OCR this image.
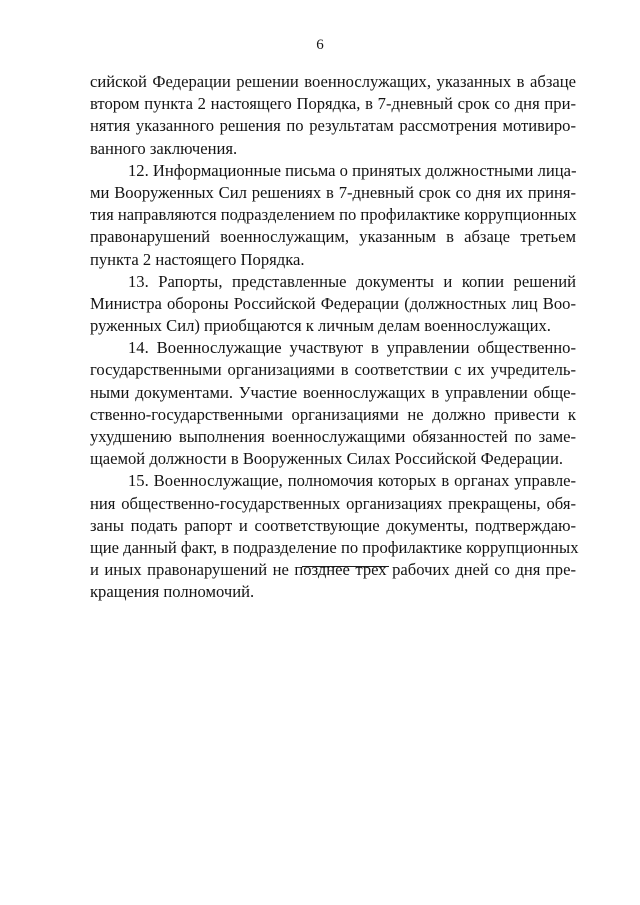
6
сийской Федерации решении военнослужащих, указанных в абзаце
втором пункта 2 настоящего Порядка, в 7-дневный срок со дня при-
нятия указанного решения по результатам рассмотрения мотивиро-
ванного заключения.
12. Информационные письма о принятых должностными лица-
ми Вооруженных Сил решениях в 7-дневный срок со дня их приня-
тия направляются подразделением по профилактике коррупционных
правонарушений военнослужащим, указанным в абзаце третьем
пункта 2 настоящего Порядка.
13. Рапорты, представленные документы и копии решений
Министра обороны Российской Федерации (должностных лиц Воо-
руженных Сил) приобщаются к личным делам военнослужащих.
14. Военнослужащие участвуют в управлении общественно-
государственными организациями в соответствии с их учредитель-
ными документами. Участие военнослужащих в управлении обще-
ственно-государственными организациями не должно привести к
ухудшению выполнения военнослужащими обязанностей по заме-
щаемой должности в Вооруженных Силах Российской Федерации.
15. Военнослужащие, полномочия которых в органах управле-
ния общественно-государственных организациях прекращены, обя-
заны подать рапорт и соответствующие документы, подтверждаю-
щие данный факт, в подразделение по профилактике коррупционных
и иных правонарушений не позднее трех рабочих дней со дня пре-
кращения полномочий.
